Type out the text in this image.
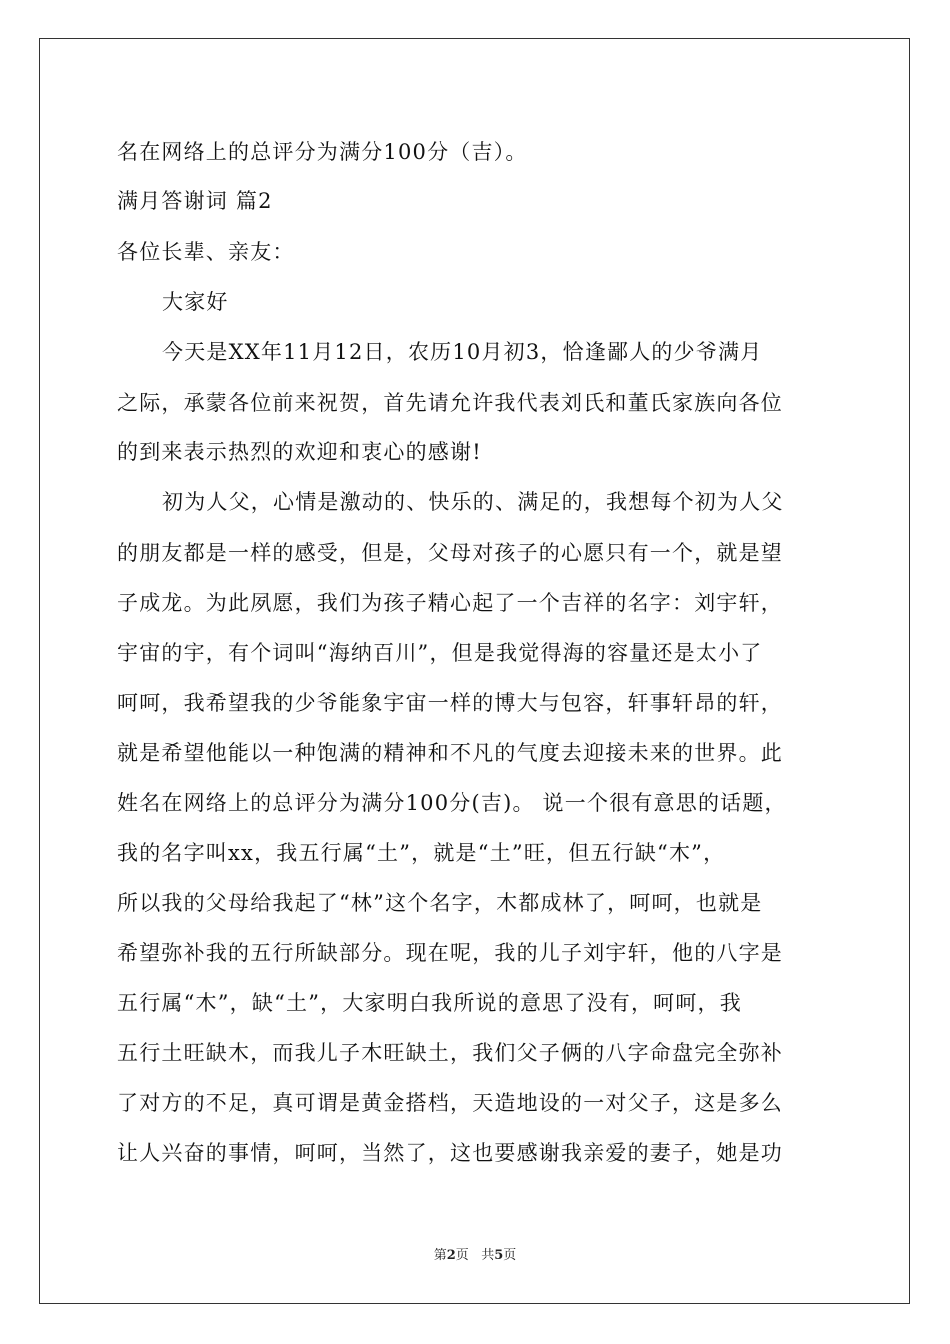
名在网络上的总评分为满分100分（吉）。
满月答谢词 篇2
各位长辈、亲友：
大家好
今天是XX年11月12日，农历10月初3，恰逢鄙人的少爷满月
之际，承蒙各位前来祝贺，首先请允许我代表刘氏和董氏家族向各位
的到来表示热烈的欢迎和衷心的感谢!
初为人父，心情是激动的、快乐的、满足的，我想每个初为人父
的朋友都是一样的感受，但是，父母对孩子的心愿只有一个，就是望
子成龙。为此夙愿，我们为孩子精心起了一个吉祥的名字：刘宇轩，
宇宙的宇，有个词叫“海纳百川”，但是我觉得海的容量还是太小了
呵呵，我希望我的少爷能象宇宙一样的博大与包容，轩事轩昂的轩，
就是希望他能以一种饱满的精神和不凡的气度去迎接未来的世界。此
姓名在网络上的总评分为满分100分(吉)。 说一个很有意思的话题，
我的名字叫xx，我五行属“土”，就是“土”旺，但五行缺“木”，
所以我的父母给我起了“林”这个名字，木都成林了，呵呵，也就是
希望弥补我的五行所缺部分。现在呢，我的儿子刘宇轩，他的八字是
五行属“木”，缺“土”，大家明白我所说的意思了没有，呵呵，我
五行土旺缺木，而我儿子木旺缺土，我们父子俩的八字命盘完全弥补
了对方的不足，真可谓是黄金搭档，天造地设的一对父子，这是多么
让人兴奋的事情，呵呵，当然了，这也要感谢我亲爱的妻子，她是功
第2页 共5页
